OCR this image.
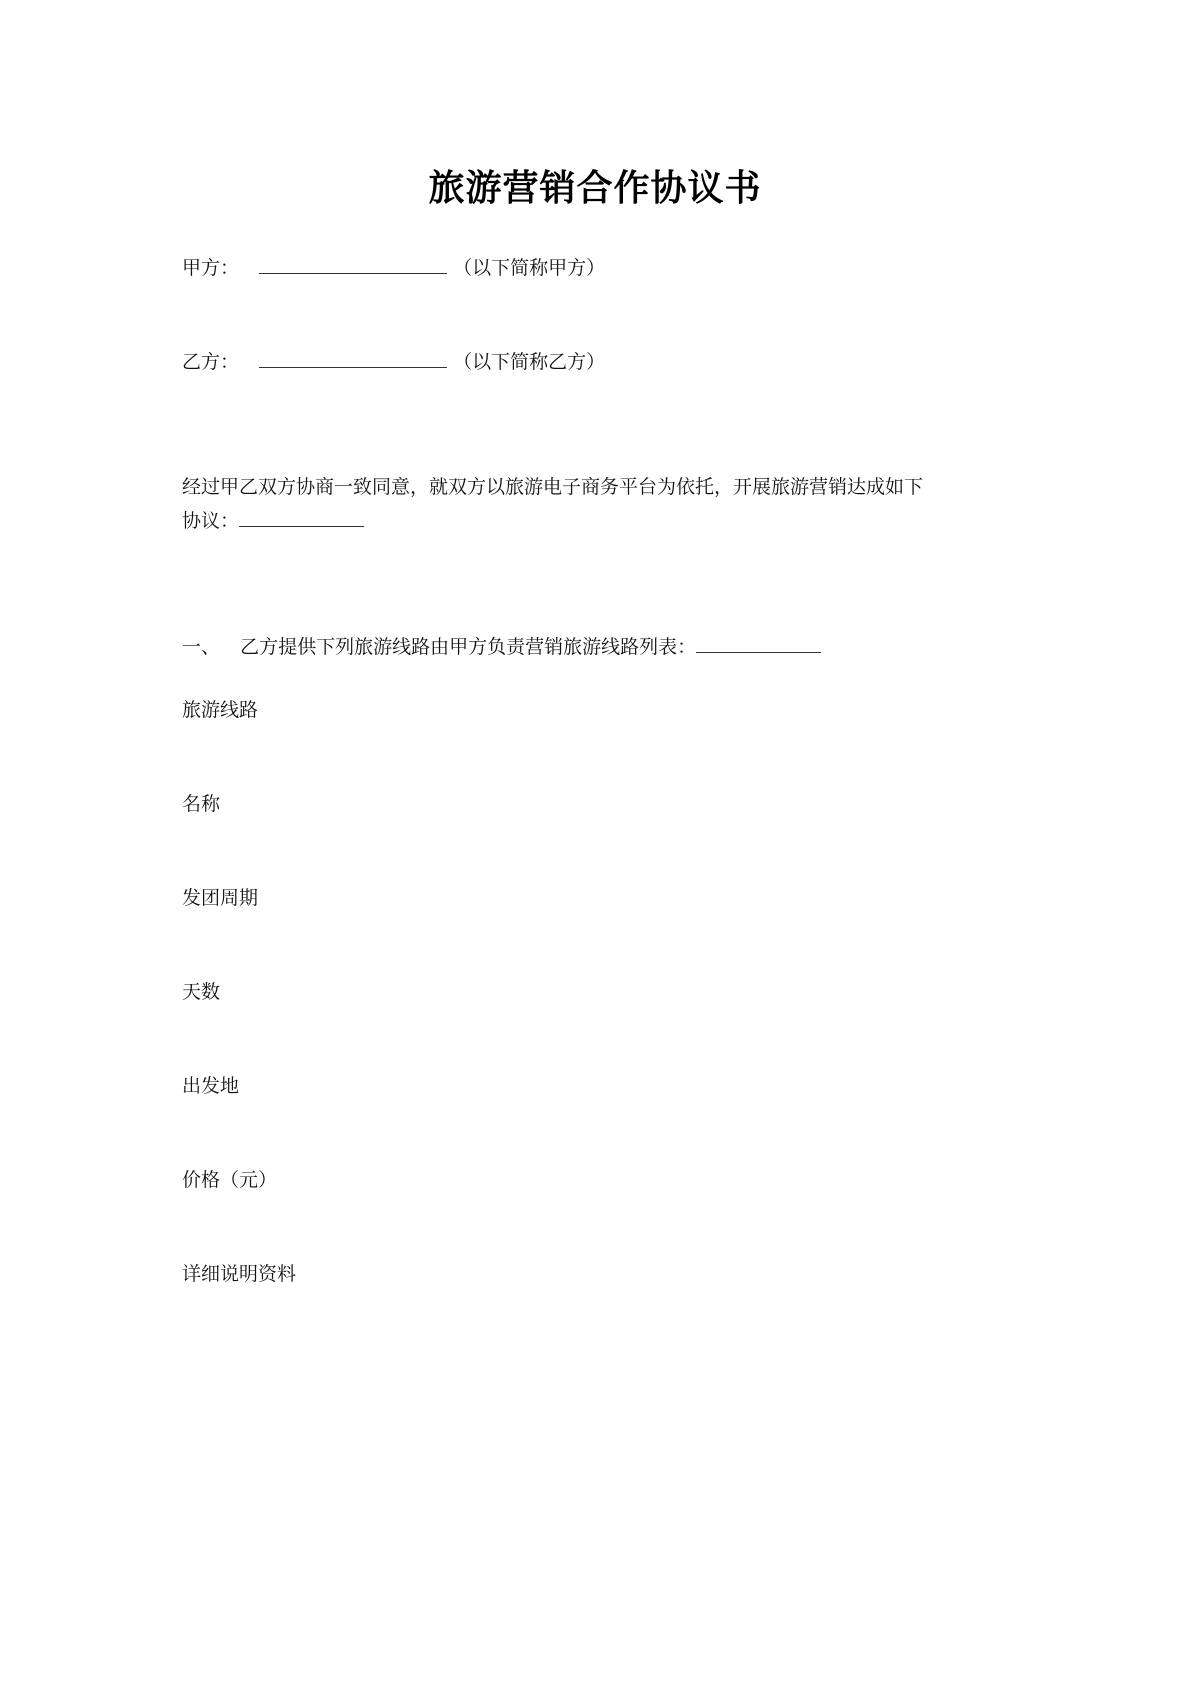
旅游营销合作协议书
甲方：	（以下简称甲方）
乙方：	（以下简称乙方）
经过甲乙双方协商一致同意，就双方以旅游电子商务平台为依托，开展旅游营销达成如下
协议：
一、 乙方提供下列旅游线路由甲方负责营销旅游线路列表：
旅游线路
名称
发团周期
天数
出发地
价格（元）
详细说明资料
